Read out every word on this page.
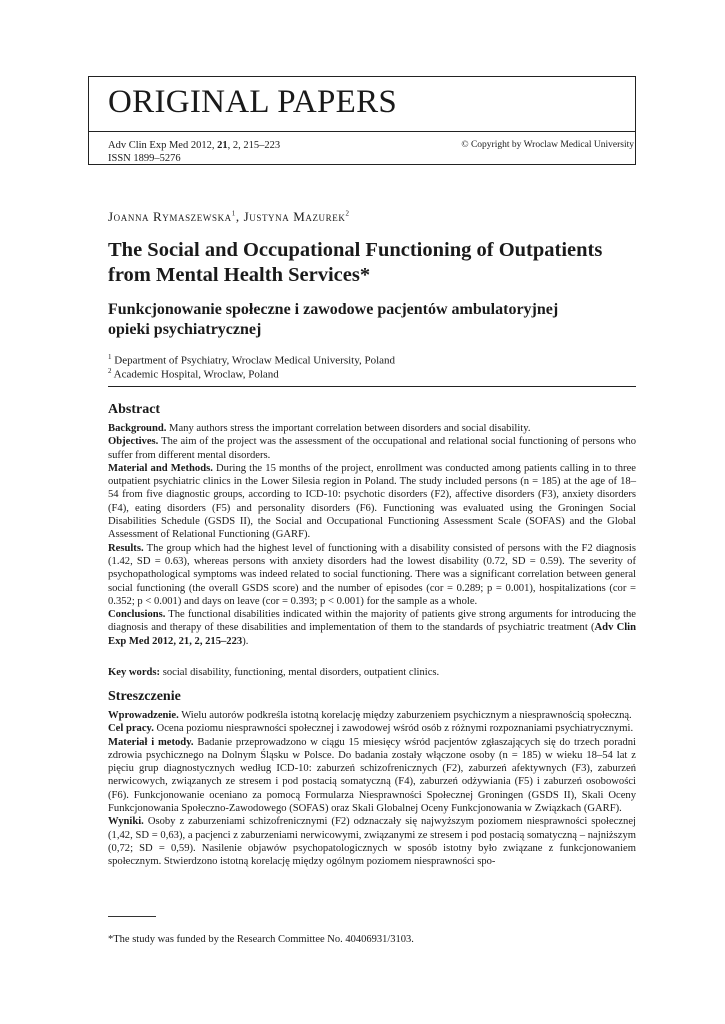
ORIGINAL PAPERS
Adv Clin Exp Med 2012, 21, 2, 215–223
ISSN 1899–5276
© Copyright by Wroclaw Medical University
Joanna Rymaszewska$^1$, Justyna Mazurek$^2$
The Social and Occupational Functioning of Outpatients from Mental Health Services*
Funkcjonowanie społeczne i zawodowe pacjentów ambulatoryjnej opieki psychiatrycznej
$^1$ Department of Psychiatry, Wroclaw Medical University, Poland
$^2$ Academic Hospital, Wroclaw, Poland
Abstract

Background. Many authors stress the important correlation between disorders and social disability.

Objectives. The aim of the project was the assessment of the occupational and relational social functioning of persons who suffer from different mental disorders.

Material and Methods. During the 15 months of the project, enrollment was conducted among patients calling in to three outpatient psychiatric clinics in the Lower Silesia region in Poland. The study included persons (n = 185) at the age of 18–54 from five diagnostic groups, according to ICD-10: psychotic disorders (F2), affective disorders (F3), anxiety disorders (F4), eating disorders (F5) and personality disorders (F6). Functioning was evaluated using the Groningen Social Disabilities Schedule (GSDS II), the Social and Occupational Functioning Assessment Scale (SOFAS) and the Global Assessment of Relational Functioning (GARF).

Results. The group which had the highest level of functioning with a disability consisted of persons with the F2 diagnosis (1.42, SD = 0.63), whereas persons with anxiety disorders had the lowest disability (0.72, SD = 0.59). The severity of psychopathological symptoms was indeed related to social functioning. There was a significant correlation between general social functioning (the overall GSDS score) and the number of episodes (cor = 0.289; p = 0.001), hospitalizations (cor = 0.352; p < 0.001) and days on leave (cor = 0.393; p < 0.001) for the sample as a whole.

Conclusions. The functional disabilities indicated within the majority of patients give strong arguments for introducing the diagnosis and therapy of these disabilities and implementation of them to the standards of psychiatric treatment (Adv Clin Exp Med 2012, 21, 2, 215–223).

Key words: social disability, functioning, mental disorders, outpatient clinics.

Streszczenie

Wprowadzenie. Wielu autorów podkreśla istotną korelację między zaburzeniem psychicznym a niesprawnością społeczną.

Cel pracy. Ocena poziomu niesprawności społecznej i zawodowej wśród osób z różnymi rozpoznaniami psychiatrycznymi.

Materiał i metody. Badanie przeprowadzono w ciągu 15 miesięcy wśród pacjentów zgłaszających się do trzech poradni zdrowia psychicznego na Dolnym Śląsku w Polsce. Do badania zostały włączone osoby (n = 185) w wieku 18–54 lat z pięciu grup diagnostycznych według ICD-10: zaburzeń schizofrenicznych (F2), zaburzeń afektywnych (F3), zaburzeń nerwicowych, związanych ze stresem i pod postacią somatyczną (F4), zaburzeń odżywiania (F5) i zaburzeń osobowości (F6). Funkcjonowanie oceniano za pomocą Formularza Niesprawności Społecznej Groningen (GSDS II), Skali Oceny Funkcjonowania Społeczno-Zawodowego (SOFAS) oraz Skali Globalnej Oceny Funkcjonowania w Związkach (GARF).

Wyniki. Osoby z zaburzeniami schizofrenicznymi (F2) odznaczały się najwyższym poziomem niesprawności społecznej (1,42, SD = 0,63), a pacjenci z zaburzeniami nerwicowymi, związanymi ze stresem i pod postacią somatyczną – najniższym (0,72; SD = 0,59). Nasilenie objawów psychopatologicznych w sposób istotny było związane z funkcjonowaniem społecznym. Stwierdzono istotną korelację między ogólnym poziomem niesprawności spo-

*The study was funded by the Research Committee No. 40406931/3103.
